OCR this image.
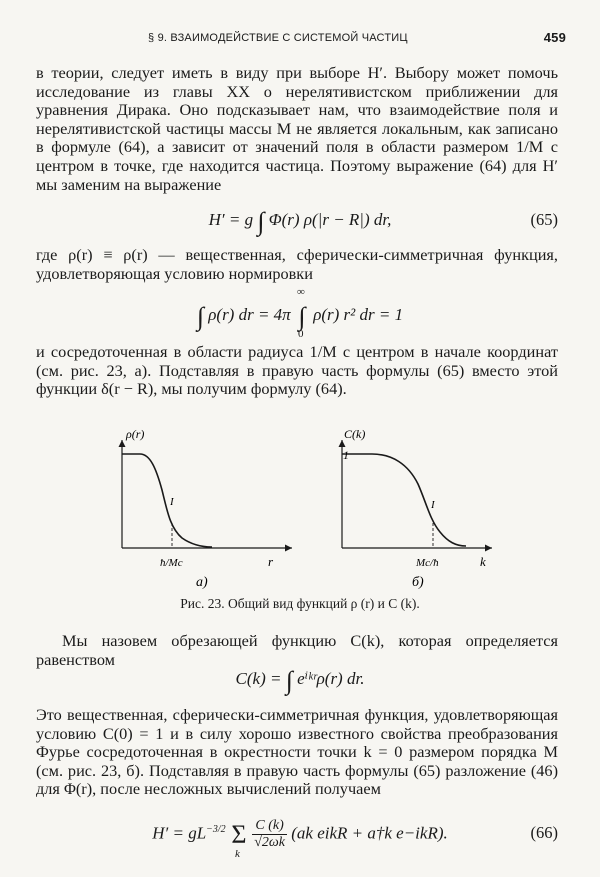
§ 9. ВЗАИМОДЕЙСТВИЕ С СИСТЕМОЙ ЧАСТИЦ	459

в теории, следует иметь в виду при выборе H′. Выбору может помочь исследование из главы XX о нерелятивистском приближении для уравнения Дирака. Оно подсказывает нам, что взаимодействие поля и нерелятивистской частицы массы M не является локальным, как записано в формуле (64), а зависит от значений поля в области размером 1/M с центром в точке, где находится частица. Поэтому выражение (64) для H′ мы заменим на выражение

H′ = g ∫ Φ(r) ρ(|r − R|) dr,	(65)

где ρ(r) ≡ ρ(r) — вещественная, сферически-симметричная функция, удовлетворяющая условию нормировки

∫ ρ(r) dr = 4π ∫
∞
0
ρ(r) r² dr = 1

и сосредоточенная в области радиуса 1/M с центром в начале координат (см. рис. 23, a). Подставляя в правую часть формулы (65) вместо этой функции δ(r − R), мы получим формулу (64).

I
ρ(r)
r
ħ/Mc
а)
I
C(k)
1
k
Mc/ħ
б)
Рис. 23. Общий вид функций ρ (r) и C (k).

Мы назовем обрезающей функцию C(k), которая определяется равенством

C(k) = ∫ eⁱᵏʳρ(r) dr.

Это вещественная, сферически-симметричная функция, удовлетворяющая условию C(0) = 1 и в силу хорошо известного свойства преобразования Фурье сосредоточенная в окрестности точки k = 0 размером порядка M (см. рис. 23, б). Подставляя в правую часть формулы (65) разложение (46) для Φ(r), после несложных вычислений получаем

$H' = gL^{-3/2}$ Σ
k

$\frac{C (k)}{√2\omega k} (ak$ eikR + a†k e−ikR).	(66)
